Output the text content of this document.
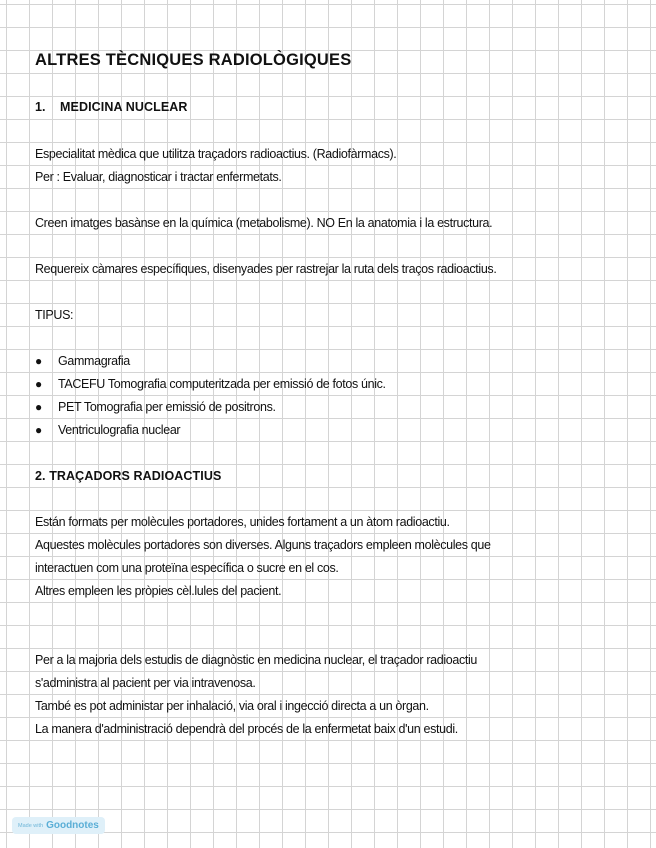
ALTRES TÈCNIQUES RADIOLÒGIQUES
1. MEDICINA NUCLEAR
Especialitat mèdica que utilitza traçadors radioactius. (Radiofàrmacs).
Per : Evaluar, diagnosticar i tractar enfermetats.
Creen imatges basànse en la química (metabolisme). NO En la anatomia i la estructura.
Requereix càmares específiques, disenyades per rastrejar la ruta dels traços radioactius.
TIPUS:
● Gammagrafia
● TACEFU Tomografia computeritzada per emissió de fotos únic.
● PET Tomografia per emissió de positrons.
● Ventriculografia nuclear
2. TRAÇADORS RADIOACTIUS
Están formats per molècules portadores, unides fortament a un àtom radioactiu.
Aquestes molècules portadores son diverses. Alguns traçadors empleen molècules que
interactuen com una proteïna específica o sucre en el cos.
Altres empleen les pròpies cèl.lules del pacient.
Per a la majoria dels estudis de diagnòstic en medicina nuclear, el traçador radioactiu
s'administra al pacient per via intravenosa.
També es pot administar per inhalació, via oral i ingecció directa a un òrgan.
La manera d'administració dependrà del procés de la enfermetat baix d'un estudi.
Made with Goodnotes
